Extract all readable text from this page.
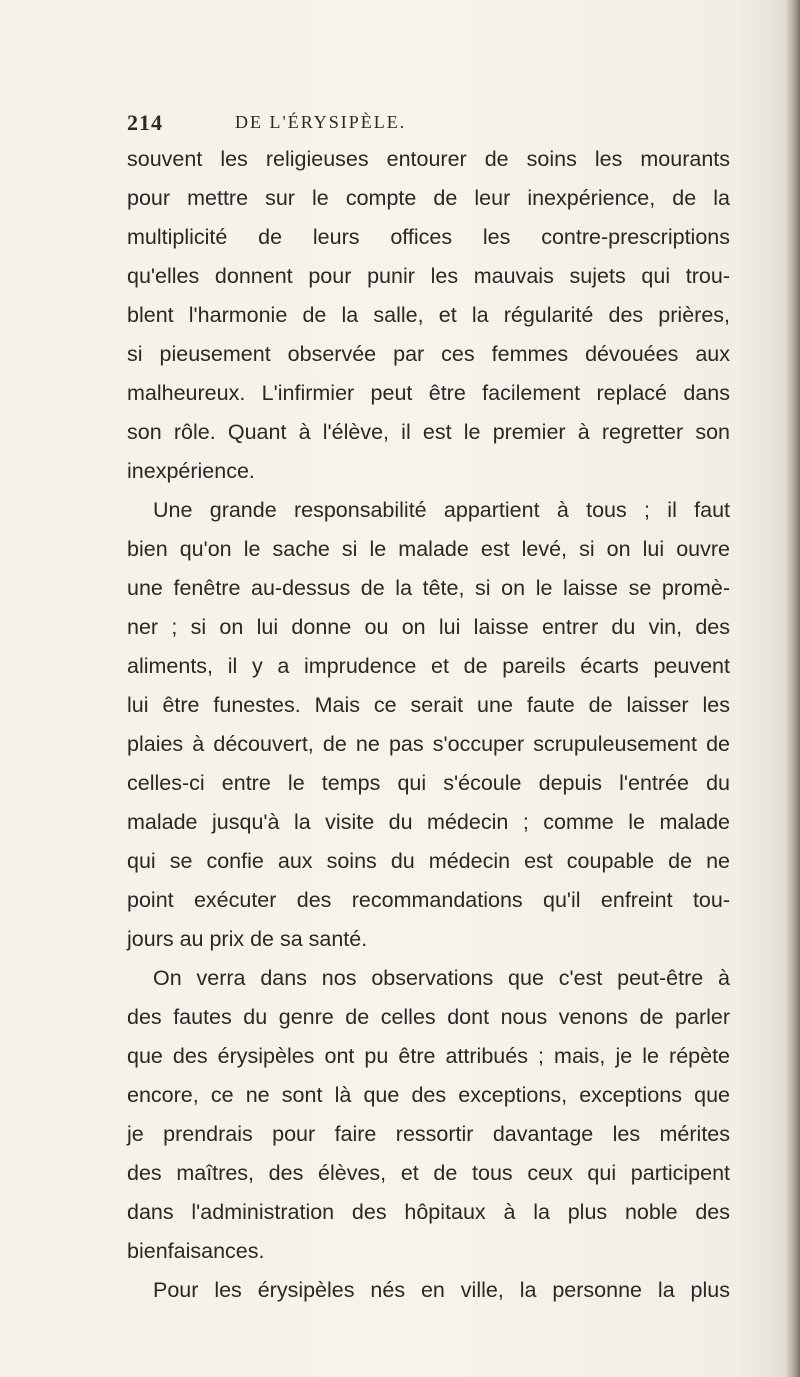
214	DE L'ÉRYSIPÈLE.
souvent les religieuses entourer de soins les mourants
pour mettre sur le compte de leur inexpérience, de la
multiplicité de leurs offices les contre-prescriptions
qu'elles donnent pour punir les mauvais sujets qui trou-
blent l'harmonie de la salle, et la régularité des prières,
si pieusement observée par ces femmes dévouées aux
malheureux. L'infirmier peut être facilement replacé dans
son rôle. Quant à l'élève, il est le premier à regretter son
inexpérience.
Une grande responsabilité appartient à tous ; il faut
bien qu'on le sache si le malade est levé, si on lui ouvre
une fenêtre au-dessus de la tête, si on le laisse se promè-
ner ; si on lui donne ou on lui laisse entrer du vin, des
aliments, il y a imprudence et de pareils écarts peuvent
lui être funestes. Mais ce serait une faute de laisser les
plaies à découvert, de ne pas s'occuper scrupuleusement de
celles-ci entre le temps qui s'écoule depuis l'entrée du
malade jusqu'à la visite du médecin ; comme le malade
qui se confie aux soins du médecin est coupable de ne
point exécuter des recommandations qu'il enfreint tou-
jours au prix de sa santé.
On verra dans nos observations que c'est peut-être à
des fautes du genre de celles dont nous venons de parler
que des érysipèles ont pu être attribués ; mais, je le répète
encore, ce ne sont là que des exceptions, exceptions que
je prendrais pour faire ressortir davantage les mérites
des maîtres, des élèves, et de tous ceux qui participent
dans l'administration des hôpitaux à la plus noble des
bienfaisances.
Pour les érysipèles nés en ville, la personne la plus
